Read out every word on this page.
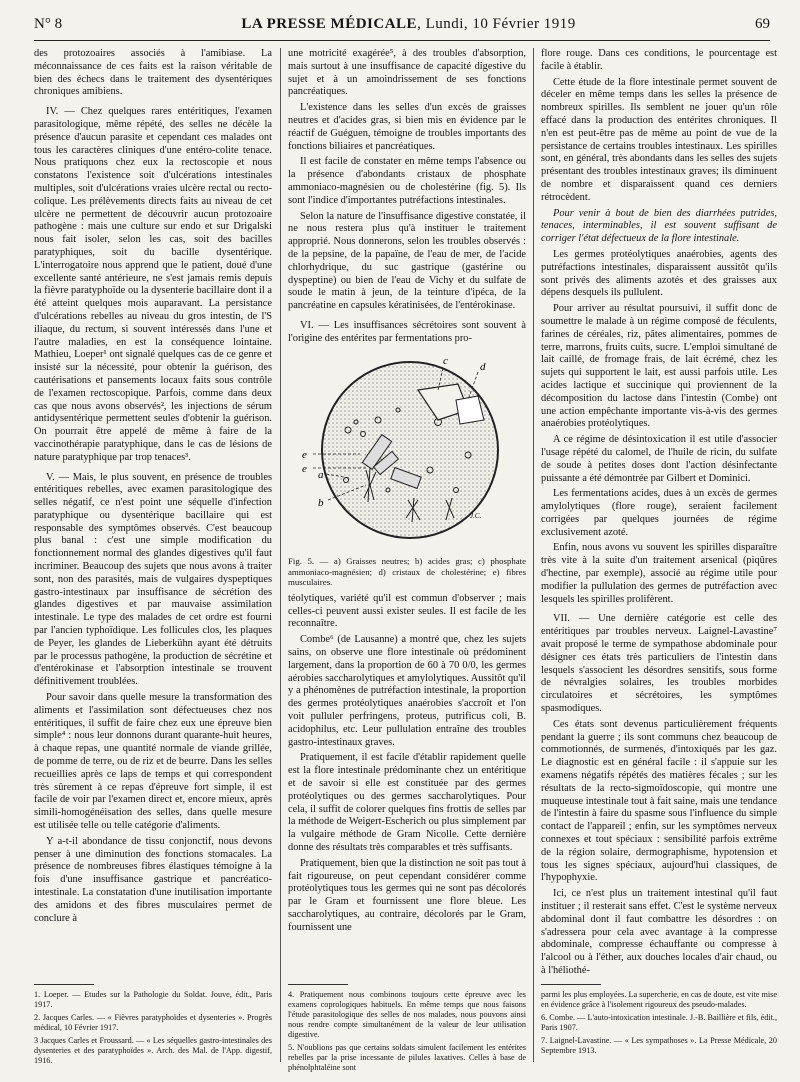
N° 8	LA PRESSE MÉDICALE, Lundi, 10 Février 1919	69

des protozoaires associés à l'amibiase. La méconnaissance de ces faits est la raison véritable de bien des échecs dans le traitement des dysentériques chroniques amibiens.

IV. — Chez quelques rares entéritiques, l'examen parasitologique, même répété, des selles ne décèle la présence d'aucun parasite et cependant ces malades ont tous les caractères cliniques d'une entéro-colite tenace. Nous pratiquons chez eux la rectoscopie et nous constatons l'existence soit d'ulcérations intestinales multiples, soit d'ulcérations vraies ulcère rectal ou recto-colique. Les prélèvements directs faits au niveau de cet ulcère ne permettent de découvrir aucun protozoaire pathogène : mais une culture sur endo et sur Drigalski nous fait isoler, selon les cas, soit des bacilles paratyphiques, soit du bacille dysentérique. L'interrogatoire nous apprend que le patient, doué d'une excellente santé antérieure, ne s'est jamais remis depuis la fièvre paratyphoïde ou la dysenterie bacillaire dont il a été atteint quelques mois auparavant. La persistance d'ulcérations rebelles au niveau du gros intestin, de l'S iliaque, du rectum, si souvent intéressés dans l'une et l'autre maladies, en est la conséquence lointaine. Mathieu, Loeper¹ ont signalé quelques cas de ce genre et insisté sur la nécessité, pour obtenir la guérison, des cautérisations et pansements locaux faits sous contrôle de l'examen rectoscopique. Parfois, comme dans deux cas que nous avons observés², les injections de sérum antidysentérique permettent seules d'obtenir la guérison. On pourrait être appelé de même à faire de la vaccinothérapie paratyphique, dans le cas de lésions de nature paratyphique par trop tenaces³.

V. — Mais, le plus souvent, en présence de troubles entéritiques rebelles, avec examen parasitologique des selles négatif, ce n'est point une séquelle d'infection paratyphique ou dysentérique bacillaire qui est responsable des symptômes observés. C'est beaucoup plus banal : c'est une simple modification du fonctionnement normal des glandes digestives qu'il faut incriminer. Beaucoup des sujets que nous avons à traiter sont, non des parasités, mais de vulgaires dyspeptiques gastro-intestinaux par insuffisance de sécrétion des glandes digestives et par mauvaise assimilation intestinale. Le type des malades de cet ordre est fourni par l'ancien typhoïdique. Les follicules clos, les plaques de Peyer, les glandes de Lieberkühn ayant été détruits par le processus pathogène, la production de sécrétine et d'entérokinase et l'absorption intestinale se trouvent définitivement troublées.

Pour savoir dans quelle mesure la transformation des aliments et l'assimilation sont défectueuses chez nos entéritiques, il suffit de faire chez eux une épreuve bien simple⁴ : nous leur donnons durant quarante-huit heures, à chaque repas, une quantité normale de viande grillée, de pomme de terre, ou de riz et de beurre. Dans les selles recueillies après ce laps de temps et qui correspondent très sûrement à ce repas d'épreuve fort simple, il est facile de voir par l'examen direct et, encore mieux, après simili-homogénéisation des selles, dans quelle mesure est utilisée telle ou telle catégorie d'aliments.

Y a-t-il abondance de tissu conjonctif, nous devons penser à une diminution des fonctions stomacales. La présence de nombreuses fibres élastiques témoigne à la fois d'une insuffisance gastrique et pancréatico-intestinale. La constatation d'une inutilisation importante des amidons et des fibres musculaires permet de conclure à

une motricité exagérée⁵, à des troubles d'absorption, mais surtout à une insuffisance de capacité digestive du sujet et à un amoindrissement de ses fonctions pancréatiques.

L'existence dans les selles d'un excès de graisses neutres et d'acides gras, si bien mis en évidence par le réactif de Guéguen, témoigne de troubles importants des fonctions biliaires et pancréatiques.

Il est facile de constater en même temps l'absence ou la présence d'abondants cristaux de phosphate ammoniaco-magnésien ou de cholestérine (fig. 5). Ils sont l'indice d'importantes putréfactions intestinales.

Selon la nature de l'insuffisance digestive constatée, il ne nous restera plus qu'à instituer le traitement approprié. Nous donnerons, selon les troubles observés : de la pepsine, de la papaïne, de l'eau de mer, de l'acide chlorhydrique, du suc gastrique (gastérine ou dyspeptine) ou bien de l'eau de Vichy et du sulfate de soude le matin à jeun, de la teinture d'ipéca, de la pancréatine en capsules kératinisées, de l'entérokinase.

VI. — Les insuffisances sécrétoires sont souvent à l'origine des entérites par fermentations pro-

c	d
e
e a
b
J.C.
Fig. 5. — a) Graisses neutres; b) acides gras; c) phosphate ammoniaco-magnésien; d) cristaux de cholestérine; e) fibres musculaires.

téolytiques, variété qu'il est commun d'observer ; mais celles-ci peuvent aussi exister seules. Il est facile de les reconnaître.

Combe⁶ (de Lausanne) a montré que, chez les sujets sains, on observe une flore intestinale où prédominent largement, dans la proportion de 60 à 70 0/0, les germes aérobies saccharolytiques et amylolytiques. Aussitôt qu'il y a phénomènes de putréfaction intestinale, la proportion des germes protéolytiques anaérobies s'accroît et l'on voit pulluler perfringens, proteus, putrificus coli, B. acidophilus, etc. Leur pullulation entraîne des troubles gastro-intestinaux graves.

Pratiquement, il est facile d'établir rapidement quelle est la flore intestinale prédominante chez un entéritique et de savoir si elle est constituée par des germes protéolytiques ou des germes saccharolytiques. Pour cela, il suffit de colorer quelques fins frottis de selles par la méthode de Weigert-Escherich ou plus simplement par la vulgaire méthode de Gram Nicolle. Cette dernière donne des résultats très comparables et très suffisants.

Pratiquement, bien que la distinction ne soit pas tout à fait rigoureuse, on peut cependant considérer comme protéolytiques tous les germes qui ne sont pas décolorés par le Gram et fournissent une flore bleue. Les saccharolytiques, au contraire, décolorés par le Gram, fournissent une

flore rouge. Dans ces conditions, le pourcentage est facile à établir.

Cette étude de la flore intestinale permet souvent de déceler en même temps dans les selles la présence de nombreux spirilles. Ils semblent ne jouer qu'un rôle effacé dans la production des entérites chroniques. Il n'en est peut-être pas de même au point de vue de la persistance de certains troubles intestinaux. Les spirilles sont, en général, très abondants dans les selles des sujets présentant des troubles intestinaux graves; ils diminuent de nombre et disparaissent quand ces derniers rétrocèdent.

Pour venir à bout de bien des diarrhées putrides, tenaces, interminables, il est souvent suffisant de corriger l'état défectueux de la flore intestinale.

Les germes protéolytiques anaérobies, agents des putréfactions intestinales, disparaissent aussitôt qu'ils sont privés des aliments azotés et des graisses aux dépens desquels ils pullulent.

Pour arriver au résultat poursuivi, il suffit donc de soumettre le malade à un régime composé de féculents, farines de céréales, riz, pâtes alimentaires, pommes de terre, marrons, fruits cuits, sucre. L'emploi simultané de lait caillé, de fromage frais, de lait écrémé, chez les sujets qui supportent le lait, est aussi parfois utile. Les acides lactique et succinique qui proviennent de la décomposition du lactose dans l'intestin (Combe) ont une action empêchante importante vis-à-vis des germes anaérobies protéolytiques.

A ce régime de désintoxication il est utile d'associer l'usage répété du calomel, de l'huile de ricin, du sulfate de soude à petites doses dont l'action désinfectante puissante a été démontrée par Gilbert et Dominici.

Les fermentations acides, dues à un excès de germes amylolytiques (flore rouge), seraient facilement corrigées par quelques journées de régime exclusivement azoté.

Enfin, nous avons vu souvent les spirilles disparaître très vite à la suite d'un traitement arsenical (piqûres d'hectine, par exemple), associé au régime utile pour modifier la pullulation des germes de putréfaction avec lesquels les spirilles prolifèrent.

VII. — Une dernière catégorie est celle des entéritiques par troubles nerveux. Laignel-Lavastine⁷ avait proposé le terme de sympathose abdominale pour désigner ces états très particuliers de l'intestin dans lesquels s'associent les désordres sensitifs, sous forme de névralgies solaires, les troubles morbides circulatoires et sécrétoires, les symptômes spasmodiques.

Ces états sont devenus particulièrement fréquents pendant la guerre ; ils sont communs chez beaucoup de commotionnés, de surmenés, d'intoxiqués par les gaz. Le diagnostic est en général facile : il s'appuie sur les examens négatifs répétés des matières fécales ; sur les résultats de la recto-sigmoïdoscopie, qui montre une muqueuse intestinale tout à fait saine, mais une tendance de l'intestin à faire du spasme sous l'influence du simple contact de l'appareil ; enfin, sur les symptômes nerveux connexes et tout spéciaux : sensibilité parfois extrême de la région solaire, dermographisme, hypotension et tous les signes spéciaux, aujourd'hui classiques, de l'hypophyxie.

Ici, ce n'est plus un traitement intestinal qu'il faut instituer ; il resterait sans effet. C'est le système nerveux abdominal dont il faut combattre les désordres : on s'adressera pour cela avec avantage à la compresse abdominale, compresse échauffante ou compresse à l'alcool ou à l'éther, aux douches locales d'air chaud, ou à l'héliothé-

1. Loeper. — Etudes sur la Pathologie du Soldat. Jouve, édit., Paris 1917.
2. Jacques Carles. — « Fièvres paratyphoïdes et dysenteries ». Progrès médical, 10 Février 1917.
3 Jacques Carles et Froussard. — « Les séquelles gastro-intestinales des dysenteries et des paratyphoïdes ». Arch. des Mal. de l'App. digestif, 1916.
4. Pratiquement nous combinons toujours cette épreuve avec les examens coprologiques habituels. En même temps que nous faisons l'étude parasitologique des selles de nos malades, nous pouvons ainsi nous rendre compte simultanément de la valeur de leur utilisation digestive.
5. N'oublions pas que certains soldats simulent facilement les entérites rebelles par la prise incessante de pilules laxatives. Celles à base de phénolphtaléine sont
parmi les plus employées. La supercherie, en cas de doute, est vite mise en évidence grâce à l'isolement rigoureux des pseudo-malades.
6. Combe. — L'auto-intoxication intestinale. J.-B. Baillière et fils, édit., Paris 1907.
7. Laignel-Lavastine. — « Les sympathoses ». La Presse Médicale, 20 Septembre 1913.
